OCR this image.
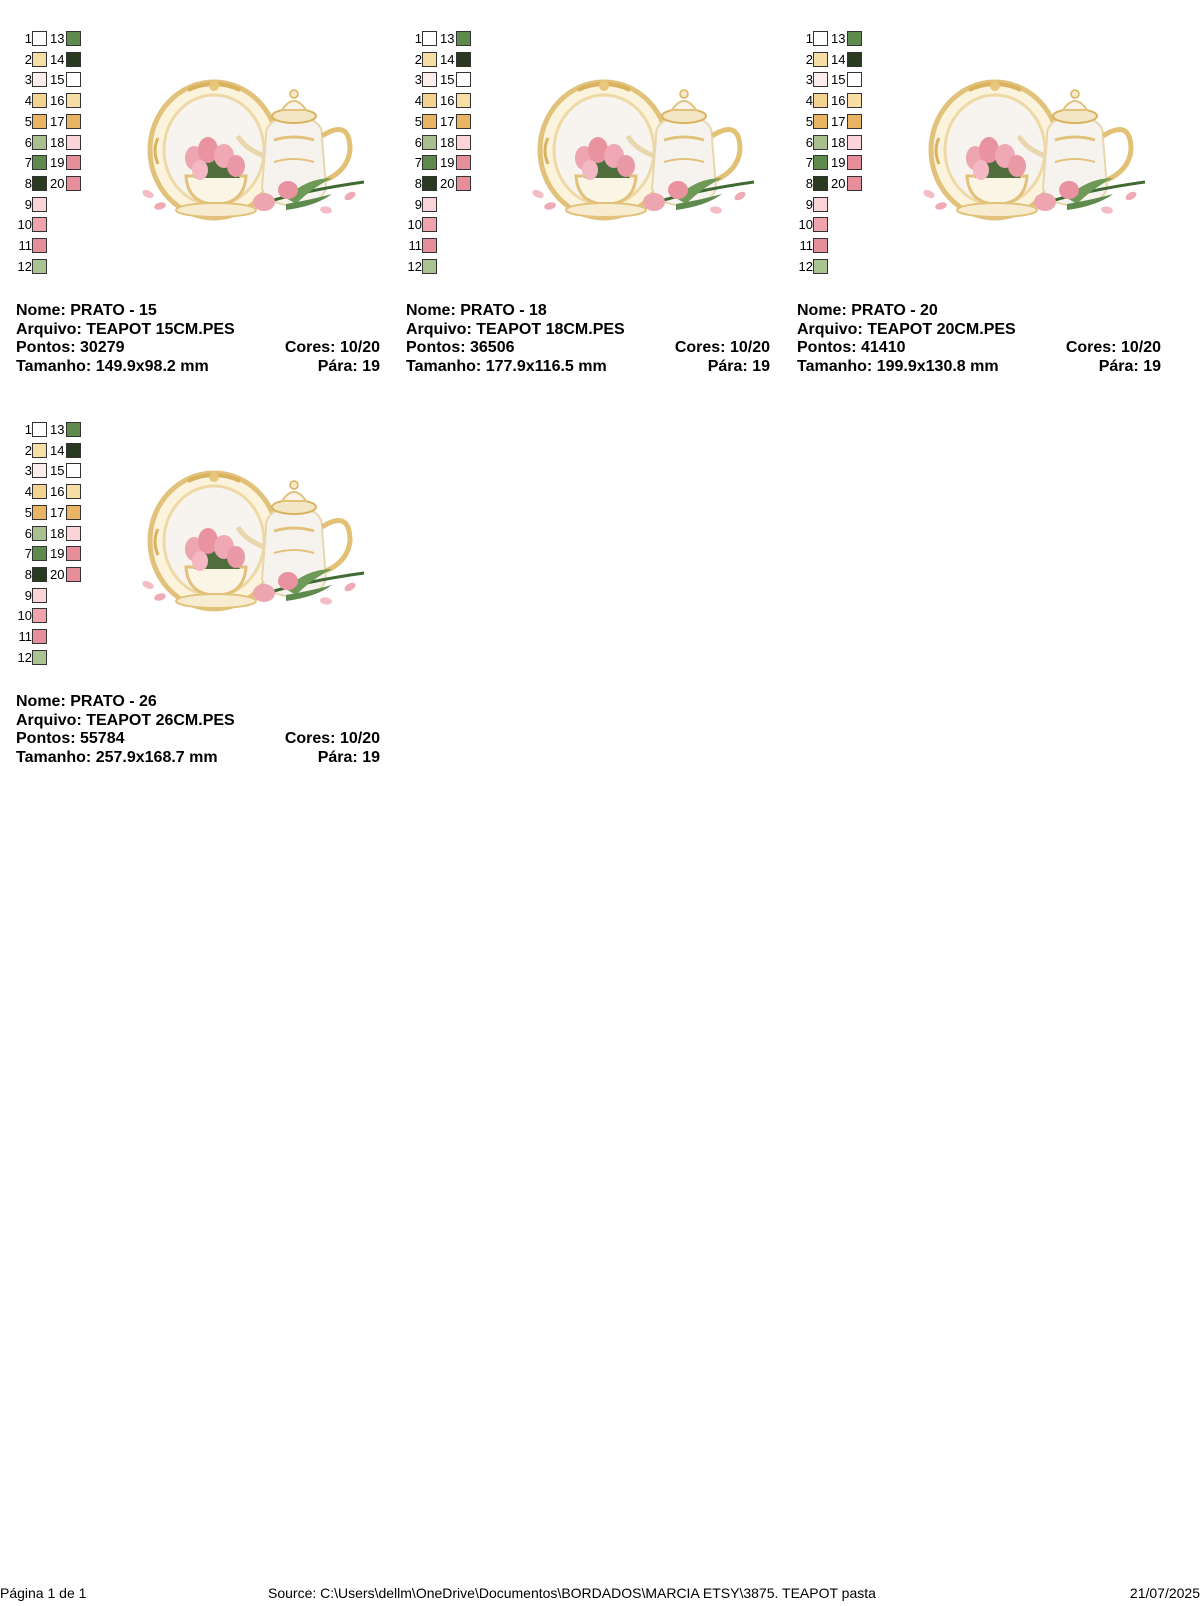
1 13
2 14
3 15
4 16
5 17
6 18
7 19
8 20
9
10
11
12
Nome: PRATO - 15
Arquivo: TEAPOT 15CM.PES
Pontos: 30279	Cores: 10/20
Tamanho: 149.9x98.2 mm	Pára: 19
1 13
2 14
3 15
4 16
5 17
6 18
7 19
8 20
9
10
11
12
Nome: PRATO - 18
Arquivo: TEAPOT 18CM.PES
Pontos: 36506	Cores: 10/20
Tamanho: 177.9x116.5 mm	Pára: 19
1 13
2 14
3 15
4 16
5 17
6 18
7 19
8 20
9
10
11
12
Nome: PRATO - 20
Arquivo: TEAPOT 20CM.PES
Pontos: 41410	Cores: 10/20
Tamanho: 199.9x130.8 mm	Pára: 19
1 13
2 14
3 15
4 16
5 17
6 18
7 19
8 20
9
10
11
12
Nome: PRATO - 26
Arquivo: TEAPOT 26CM.PES
Pontos: 55784	Cores: 10/20
Tamanho: 257.9x168.7 mm	Pára: 19
Página 1 de 1	Source: C:\Users\dellm\OneDrive\Documentos\BORDADOS\MARCIA ETSY\3875. TEAPOT pasta	21/07/2025
